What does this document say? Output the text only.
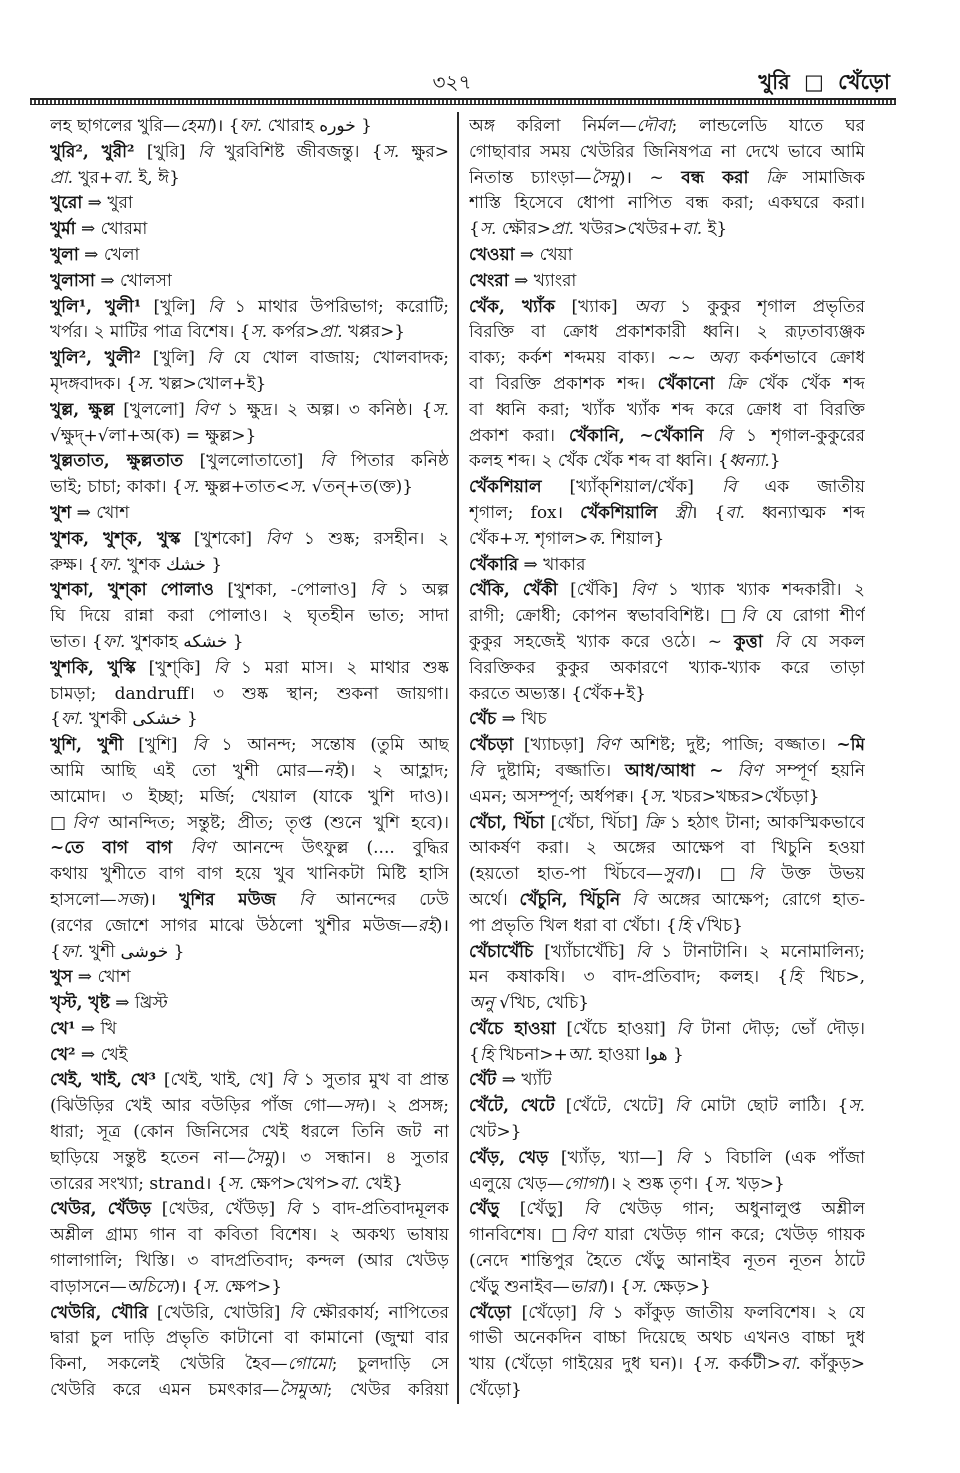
৩২৭	খুরি □ খেঁড়ো
লহ ছাগলের খুরি—হেমা)। {ফা. খোরাহ خوره }
খুরি², খুরী² [খুরি] বি খুরবিশিষ্ট জীবজন্তু। {স. ক্ষুর>
প্রা. খুর+বা. ই, ঈ}
খুরো ⇒ খুরা
খুর্মা ⇒ খোরমা
খুলা ⇒ খেলা
খুলাসা ⇒ খোলসা
খুলি¹, খুলী¹ [খুলি] বি ১ মাথার উপরিভাগ; করোটি;
খর্পর। ২ মাটির পাত্র বিশেষ। {স. কর্পর>প্রা. খপ্পর>}
খুলি², খুলী² [খুলি] বি যে খোল বাজায়; খোলবাদক;
মৃদঙ্গবাদক। {স. খল্ল>খোল+ই}
খুল্ল, ক্ষুল্ল [খুললো] বিণ ১ ক্ষুদ্র। ২ অল্প। ৩ কনিষ্ঠ। {স.
√ক্ষুদ্+√লা+অ(ক) = ক্ষুল্ল>}
খুল্লতাত, ক্ষুল্লতাত [খুললোতাতো] বি পিতার কনিষ্ঠ
ভাই; চাচা; কাকা। {স. ক্ষুল্ল+তাত<স. √তন্+ত(ক্ত)}
খুশ ⇒ খোশ
খুশক, খুশ্‌ক, খুস্ক [খুশকো] বিণ ১ শুষ্ক; রসহীন। ২
রুক্ষ। {ফা. খুশক خشك }
খুশকা, খুশ্‌কা পোলাও [খুশকা, -পোলাও] বি ১ অল্প
ঘি দিয়ে রান্না করা পোলাও। ২ ঘৃতহীন ভাত; সাদা
ভাত। {ফা. খুশকাহ خشكه }
খুশকি, খুস্কি [খুশ্‌কি] বি ১ মরা মাস। ২ মাথার শুষ্ক
চামড়া; dandruff। ৩ শুষ্ক স্থান; শুকনা জায়গা।
{ফা. খুশকী خشكى }
খুশি, খুশী [খুশি] বি ১ আনন্দ; সন্তোষ (তুমি আছ
আমি আছি এই তো খুশী মোর—নই)। ২ আহ্লাদ;
আমোদ। ৩ ইচ্ছা; মর্জি; খেয়াল (যাকে খুশি দাও)।
□বিণ আনন্দিত; সন্তুষ্ট; প্রীত; তৃপ্ত (শুনে খুশি হবে)।
~তে বাগ বাগ বিণ আনন্দে উৎফুল্ল (.... বুদ্ধির
কথায় খুশীতে বাগ বাগ হয়ে খুব খানিকটা মিষ্টি হাসি
হাসলো—সজ)। খুশির মউজ বি আনন্দের ঢেউ
(রণের জোশে সাগর মাঝে উঠলো খুশীর মউজ—রই)।
{ফা. খুশী خوشى }
খুস ⇒ খোশ
খৃস্ট, খৃষ্ট ⇒ খ্রিস্ট
খে¹ ⇒ খি
খে² ⇒ খেই
খেই, খাই, খে³ [খেই, খাই, খে] বি ১ সুতার মুখ বা প্রান্ত
(ঝিউড়ির খেই আর বউড়ির পাঁজ গো—সদ)। ২ প্রসঙ্গ;
ধারা; সূত্র (কোন জিনিসের খেই ধরলে তিনি জট না
ছাড়িয়ে সন্তুষ্ট হতেন না—সৈমু)। ৩ সন্ধান। ৪ সুতার
তারের সংখ্যা; strand। {স. ক্ষেপ>খেপ>বা. খেই}
খেউর, খেঁউড় [খেউর, খেঁউড়] বি ১ বাদ-প্রতিবাদমূলক
অশ্লীল গ্রাম্য গান বা কবিতা বিশেষ। ২ অকথ্য ভাষায়
গালাগালি; খিস্তি। ৩ বাদপ্রতিবাদ; কন্দল (আর খেউড়
বাড়াসনে—অচিসে)। {স. ক্ষেপ>}
খেউরি, খৌরি [খেউরি, খোউরি] বি ক্ষৌরকার্য; নাপিতের
দ্বারা চুল দাড়ি প্রভৃতি কাটানো বা কামানো (জুম্মা বার
কিনা, সকলেই খেউরি হৈব—গোমো; চুলদাড়ি সে
খেউরি করে এমন চমৎকার—সৈমুআ; খেউর করিয়া
অঙ্গ করিলা নির্মল—দৌবা; লান্ডলেডি যাতে ঘর
গোছাবার সময় খেউরির জিনিষপত্র না দেখে ভাবে আমি
নিতান্ত চ্যাংড়া—সৈমু)। ~ বন্ধ করা ক্রি সামাজিক
শাস্তি হিসেবে ধোপা নাপিত বন্ধ করা; একঘরে করা।
{স. ক্ষৌর>প্রা. খউর>খেউর+বা. ই}
খেওয়া ⇒ খেয়া
খেংরা ⇒ খ্যাংরা
খেঁক, খ্যাঁক [খ্যাক] অব্য ১ কুকুর শৃগাল প্রভৃতির
বিরক্তি বা ক্রোধ প্রকাশকারী ধ্বনি। ২ রূঢ়তাব্যঞ্জক
বাক্য; কর্কশ শব্দময় বাক্য। ~~ অব্য কর্কশভাবে ক্রোধ
বা বিরক্তি প্রকাশক শব্দ। খেঁকানো ক্রি খেঁক খেঁক শব্দ
বা ধ্বনি করা; খ্যাঁক খ্যাঁক শব্দ করে ক্রোধ বা বিরক্তি
প্রকাশ করা। খেঁকানি, ~খেঁকানি বি ১ শৃগাল-কুকুরের
কলহ শব্দ। ২ খেঁক খেঁক শব্দ বা ধ্বনি। {ধ্বন্যা.}
খেঁকশিয়াল [খ্যাঁক্‌শিয়াল/খেঁক] বি এক জাতীয়
শৃগাল; fox। খেঁকশিয়ালি স্ত্রী। {বা. ধ্বন্যাত্মক শব্দ
খেঁক+স. শৃগাল>ক. শিয়াল}
খেঁকারি ⇒ খাকার
খেঁকি, খেঁকী [খেঁকি] বিণ ১ খ্যাক খ্যাক শব্দকারী। ২
রাগী; ক্রোধী; কোপন স্বভাববিশিষ্ট। □বি যে রোগা শীর্ণ
কুকুর সহজেই খ্যাক করে ওঠে। ~ কুত্তা বি যে সকল
বিরক্তিকর কুকুর অকারণে খ্যাক-খ্যাক করে তাড়া
করতে অভ্যস্ত। {খেঁক+ই}
খেঁচ ⇒ খিচ
খেঁচড়া [খ্যাচড়া] বিণ অশিষ্ট; দুষ্ট; পাজি; বজ্জাত। ~মি
বি দুষ্টামি; বজ্জাতি। আধ/আধা ~ বিণ সম্পূর্ণ হয়নি
এমন; অসম্পূর্ণ; অর্ধপক্ব। {স. খচর>খচ্চর>খেঁচড়া}
খেঁচা, খিঁচা [খেঁচা, খিঁচা] ক্রি ১ হঠাৎ টানা; আকস্মিকভাবে
আকর্ষণ করা। ২ অঙ্গের আক্ষেপ বা খিচুনি হওয়া
(হয়তো হাত-পা খিঁচবে—সুবা)। □বি উক্ত উভয়
অর্থে। খেঁচুনি, খিঁচুনি বি অঙ্গের আক্ষেপ; রোগে হাত-
পা প্রভৃতি খিল ধরা বা খেঁচা। {হি √খিচ}
খেঁচাখেঁচি [খ্যাঁচাখেঁচি] বি ১ টানাটানি। ২ মনোমালিন্য;
মন কষাকষি। ৩ বাদ-প্রতিবাদ; কলহ। {হি খিচ>,
অনু √খিচ, খেচি}
খেঁচে হাওয়া [খেঁচে হাওয়া] বি টানা দৌড়; ভোঁ দৌড়।
{হি খিচনা>+আ. হাওয়া هوا }
খেঁট ⇒ খ্যাঁট
খেঁটে, খেটে [খেঁটে, খেটে] বি মোটা ছোট লাঠি। {স.
খেট>}
খেঁড়, খেড় [খ্যাঁড়, খ্যা—] বি ১ বিচালি (এক পাঁজা
এলুয়ে খেড়—গোগা)। ২ শুষ্ক তৃণ। {স. খড়>}
খেঁড়ু [খেঁড়ু] বি খেউড় গান; অধুনালুপ্ত অশ্লীল
গানবিশেষ। □বিণ যারা খেউড় গান করে; খেউড় গায়ক
(নেদে শান্তিপুর হৈতে খেঁড়ু আনাইব নূতন নূতন ঠাটে
খেঁড়ু শুনাইব—ভারা)। {স. ক্ষেড়>}
খেঁড়ো [খেঁড়ো] বি ১ কাঁকুড় জাতীয় ফলবিশেষ। ২ যে
গাভী অনেকদিন বাচ্চা দিয়েছে অথচ এখনও বাচ্চা দুধ
খায় (খেঁড়ো গাইয়ের দুধ ঘন)। {স. কর্কটী>বা. কাঁকুড়>
খেঁড়ো}
